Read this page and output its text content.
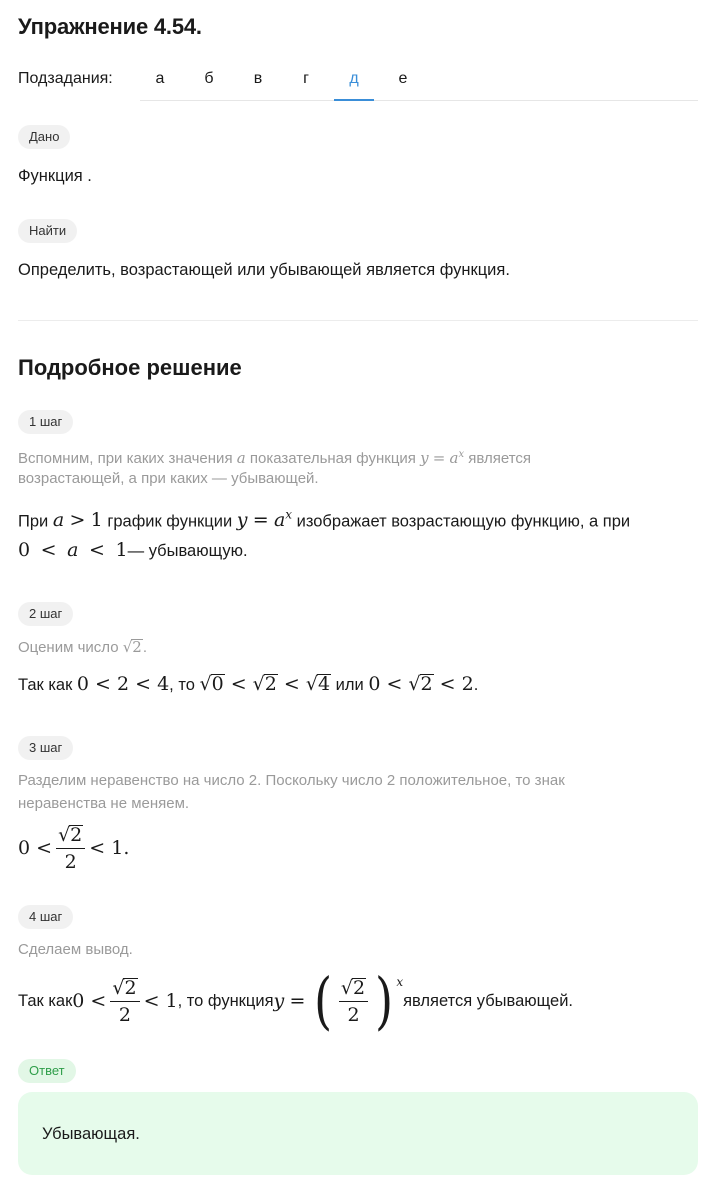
Упражнение 4.54.
Подзадания:	а	б	в	г	д	е
Дано
Функция .
Найти
Определить, возрастающей или убывающей является функция.
Подробное решение
1 шаг
Вспомним, при каких значения a показательная функция $y = a^x$ является
возрастающей, а при каких — убывающей.
При a > 1 график функции $y = a^x$ изображает возрастающую функцию, а при
0 < a < 1— убывающую.
2 шаг
Оценим число √2.
Так как 0 < 2 < 4, то √0 < √2 < √4 или 0 < √2 < 2.
3 шаг
Разделим неравенство на число 2. Поскольку число 2 положительное, то знак
неравенства не меняем.
$0 < \frac{√2}{2} < 1$.
4 шаг
Сделаем вывод.
Так как $0 < \frac{√2}{2} < 1$ , то функция y
=
( $\frac{√2}{2}$ ) $^x$
является убывающей.
Ответ
Убывающая.
